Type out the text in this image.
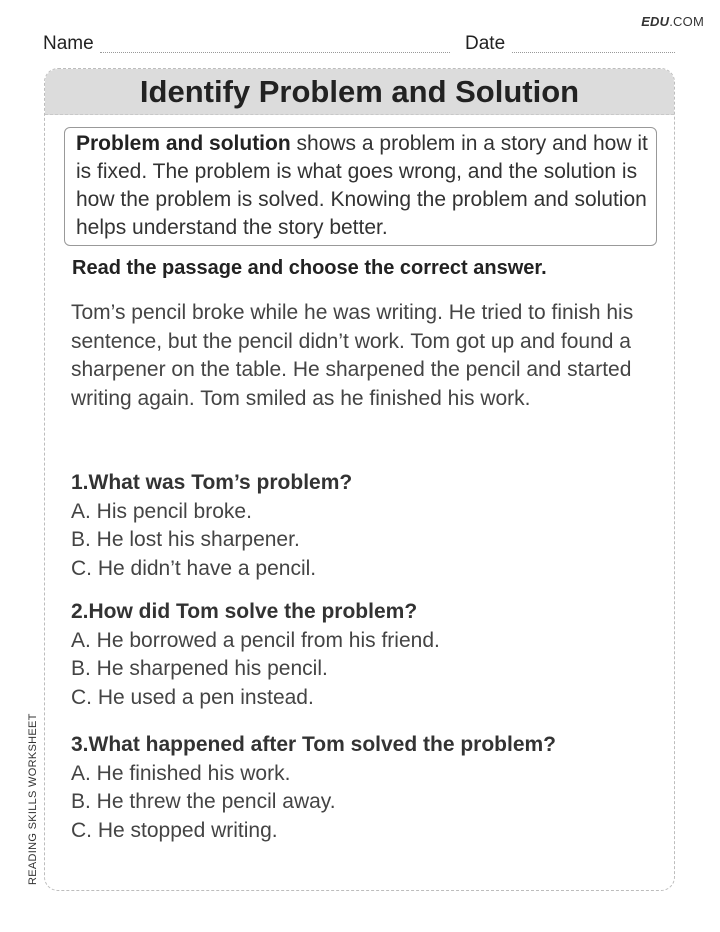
EDU.COM
Name	Date
READING SKILLS WORKSHEET
Identify Problem and Solution
Problem and solution shows a problem in a story and how it is fixed. The problem is what goes wrong, and the solution is how the problem is solved. Knowing the problem and solution helps understand the story better.
Read the passage and choose the correct answer.
Tom’s pencil broke while he was writing. He tried to finish his sentence, but the pencil didn’t work. Tom got up and found a sharpener on the table. He sharpened the pencil and started writing again. Tom smiled as he finished his work.
1.What was Tom’s problem?
A. His pencil broke.
B. He lost his sharpener.
C. He didn’t have a pencil.
2.How did Tom solve the problem?
A. He borrowed a pencil from his friend.
B. He sharpened his pencil.
C. He used a pen instead.
3.What happened after Tom solved the problem?
A. He finished his work.
B. He threw the pencil away.
C. He stopped writing.
